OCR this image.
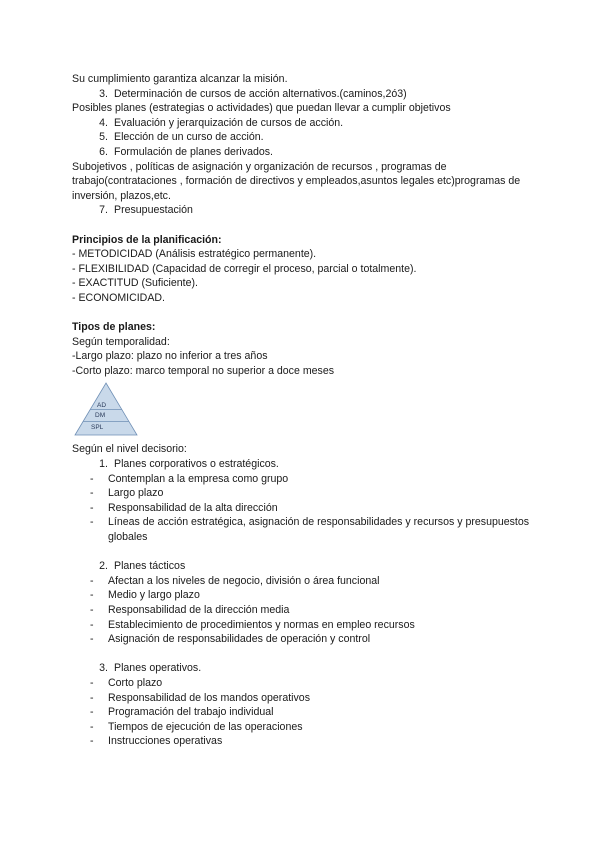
Su cumplimiento garantiza alcanzar la misión.
3. Determinación de cursos de acción alternativos.(caminos,2ó3)
Posibles planes (estrategias o actividades) que puedan llevar a cumplir objetivos
4. Evaluación y jerarquización de cursos de acción.
5. Elección de un curso de acción.
6. Formulación de planes derivados.
Subojetivos , políticas de asignación y organización de recursos , programas de trabajo(contrataciones , formación de directivos y empleados,asuntos legales etc)programas de inversión, plazos,etc.
7. Presupuestación
Principios de la planificación:
- METODICIDAD (Análisis estratégico permanente).
- FLEXIBILIDAD (Capacidad de corregir el proceso, parcial o totalmente).
- EXACTITUD (Suficiente).
- ECONOMICIDAD.
Tipos de planes:
Según temporalidad:
-Largo plazo: plazo no inferior a tres años
-Corto plazo: marco temporal no superior a doce meses
AD
DM
SPL
Según el nivel decisorio:
1. Planes corporativos o estratégicos.
-	Contemplan a la empresa como grupo
-	Largo plazo
-	Responsabilidad de la alta dirección
-	Líneas de acción estratégica, asignación de responsabilidades y recursos y presupuestos globales
2. Planes tácticos
-	Afectan a los niveles de negocio, división o área funcional
-	Medio y largo plazo
-	Responsabilidad de la dirección media
-	Establecimiento de procedimientos y normas en empleo recursos
-	Asignación de responsabilidades de operación y control
3. Planes operativos.
-	Corto plazo
-	Responsabilidad de los mandos operativos
-	Programación del trabajo individual
-	Tiempos de ejecución de las operaciones
-	Instrucciones operativas
